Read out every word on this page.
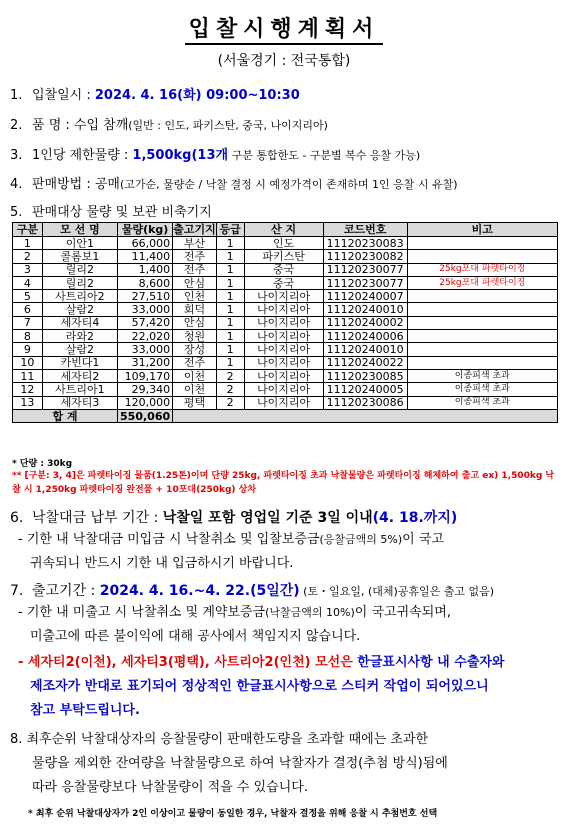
입찰시행계획서
(서울경기 : 전국통합)
1. 입찰일시 : 2024. 4. 16(화) 09:00~10:30
2. 품 명 : 수입 참깨(일반 : 인도, 파키스탄, 중국, 나이지리아)
3. 1인당 제한물량 : 1,500kg(13개 구분 통합한도 - 구분별 복수 응찰 가능)
4. 판매방법 : 공매(고가순, 물량순 / 낙찰 결정 시 예정가격이 존재하며 1인 응찰 시 유찰)
5. 판매대상 물량 및 보관 비축기지
구분	모 선 명	물량(kg)	출고기지	등급	산 지	코드번호	비고
1	이안1	66,000	부산	1	인도	11120230083	
2	콜롬보1	11,400	전주	1	파키스탄	11120230082	
3	릴리2	1,400	전주	1	중국	11120230077	25kg포대 파렛타이징
4	릴리2	8,600	안심	1	중국	11120230077	25kg포대 파렛타이징
5	사트리아2	27,510	인천	1	나이지리아	11120240007	
6	살람2	33,000	회덕	1	나이지리아	11120240010	
7	세자티4	57,420	안심	1	나이지리아	11120240002	
8	라와2	22,020	청원	1	나이지리아	11120240006	
9	살람2	33,000	장성	1	나이지리아	11120240010	
10	카빈다1	31,200	전주	1	나이지리아	11120240022	
11	세자티2	109,170	이천	2	나이지리아	11120230085	이종피색 초과
12	사트리아1	29,340	이천	2	나이지리아	11120240005	이종피색 초과
13	세자티3	120,000	평택	2	나이지리아	11120230086	이종피색 초과
합 계		550,060					
* 단량 : 30kg
** [구분: 3, 4]은 파렛타이징 물품(1.25톤)이며 단량 25kg, 파렛타이징 초과 낙찰물량은 파렛타이징 해체하여 출고 ex) 1,500kg 낙찰 시 1,250kg 파렛타이징 완전품 + 10포대(250kg) 상차
6. 낙찰대금 납부 기간 : 낙찰일 포함 영업일 기준 3일 이내(4. 18.까지)
- 기한 내 낙찰대금 미입금 시 낙찰취소 및 입찰보증금(응찰금액의 5%)이 국고
귀속되니 반드시 기한 내 입금하시기 바랍니다.
7. 출고기간 : 2024. 4. 16.~4. 22.(5일간) (토・일요일, (대체)공휴일은 출고 없음)
- 기한 내 미출고 시 낙찰취소 및 계약보증금(낙찰금액의 10%)이 국고귀속되며,
미출고에 따른 불이익에 대해 공사에서 책임지지 않습니다.
- 세자티2(이천), 세자티3(평택), 사트리아2(인천) 모선은 한글표시사항 내 수출자와
제조자가 반대로 표기되어 정상적인 한글표시사항으로 스티커 작업이 되어있으니
참고 부탁드립니다.
8. 최후순위 낙찰대상자의 응찰물량이 판매한도량을 초과할 때에는 초과한
물량을 제외한 잔여량을 낙찰물량으로 하여 낙찰자가 결정(추첨 방식)됨에
따라 응찰물량보다 낙찰물량이 적을 수 있습니다.
* 최후 순위 낙찰대상자가 2인 이상이고 물량이 동일한 경우, 낙찰자 결정을 위해 응찰 시 추첨번호 선택
